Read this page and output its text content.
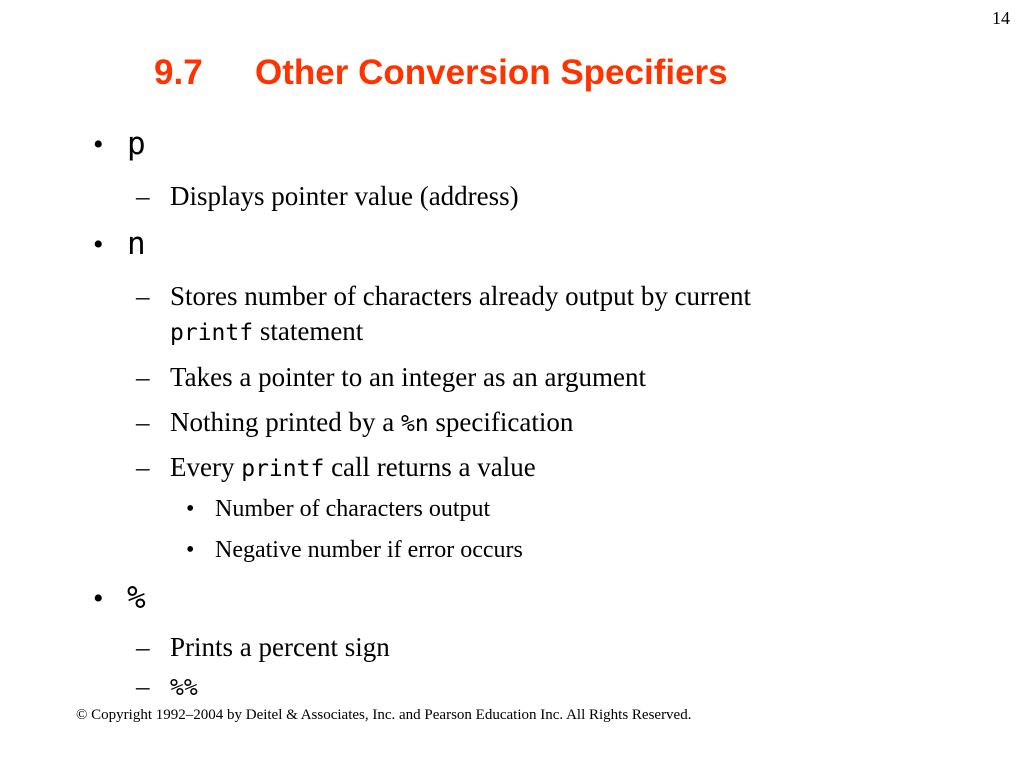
14
9.7 Other Conversion Specifiers
• p
– Displays pointer value (address)
• n
– Stores number of characters already output by current
printf statement
– Takes a pointer to an integer as an argument
– Nothing printed by a %n specification
– Every printf call returns a value
• Number of characters output
• Negative number if error occurs
• %
– Prints a percent sign
– %%
© Copyright 1992–2004 by Deitel & Associates, Inc. and Pearson Education Inc. All Rights Reserved.
